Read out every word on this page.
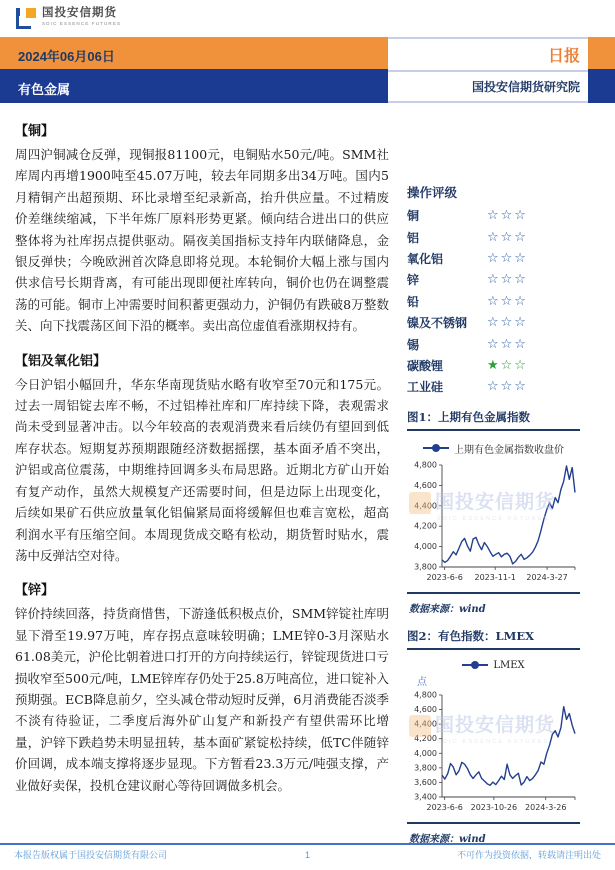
国投安信期货
SDIC ESSENCE FUTURES
2024年06月06日
有色金属
日报
国投安信期货研究院
【铜】

周四沪铜减仓反弹，现铜报81100元，电铜贴水50元/吨。SMM社库周内再增1900吨至45.07万吨，较去年同期多出34万吨。国内5月精铜产出超预期、环比录增至纪录新高，抬升供应量。不过精废价差继续缩减，下半年炼厂原料形势更紧。倾向结合进出口的供应整体将为社库拐点提供驱动。隔夜美国指标支持年内联储降息，金银反弹快；今晚欧洲首次降息即将兑现。本轮铜价大幅上涨与国内供求信号长期背离，有可能出现即便社库转向，铜价也仍在调整震荡的可能。铜市上冲需要时间积蓄更强动力，沪铜仍有跌破8万整数关、向下找震荡区间下沿的概率。卖出高位虚值看涨期权持有。

【铝及氧化铝】

今日沪铝小幅回升，华东华南现货贴水略有收窄至70元和175元。过去一周铝锭去库不畅，不过铝棒社库和厂库持续下降，表观需求尚未受到显著冲击。以今年较高的表观消费来看后续仍有望回到低库存状态。短期复苏预期跟随经济数据摇摆，基本面矛盾不突出，沪铝或高位震荡，中期维持回调多头布局思路。近期北方矿山开始有复产动作，虽然大规模复产还需要时间，但是边际上出现变化，后续如果矿石供应放量氧化铝偏紧局面将缓解但也难言宽松，超高利润水平有压缩空间。本周现货成交略有松动，期货暂时贴水，震荡中反弹沽空对待。

【锌】

锌价持续回落，持货商惜售，下游逢低积极点价，SMM锌锭社库明显下滑至19.97万吨，库存拐点意味较明确；LME锌0-3月深贴水61.08美元，沪伦比朝着进口打开的方向持续运行，锌锭现货进口亏损收窄至500元/吨，LME锌库存仍处于25.8万吨高位，进口锭补入预期强。ECB降息前夕，空头减仓带动短时反弹，6月消费能否淡季不淡有待验证，二季度后海外矿山复产和新投产有望供需环比增量，沪锌下跌趋势未明显扭转，基本面矿紧锭松持续，低TC伴随锌价回调，成本端支撑将逐步显现。下方暂看23.3万元/吨强支撑，产业做好卖保，投机仓建议耐心等待回调做多机会。

操作评级
铜	☆☆☆
铝	☆☆☆
氧化铝	☆☆☆
锌	☆☆☆
铅	☆☆☆
镍及不锈钢	☆☆☆
锡	☆☆☆
碳酸锂	★☆☆
工业硅	☆☆☆
图1：上期有色金属指数
上期有色金属指数收盘价
国投安信期货
SDIC ESSENCE FUTURES
3,800
4,000
4,200
4,400
4,600
4,800
2023-6-6 2023-11-1 2024-3-27
数据来源：wind
图2：有色指数：LMEX
LMEX
点
国投安信期货
SDIC ESSENCE FUTURES
3,400
3,600
3,800
4,000
4,200
4,400
4,600
4,800
2023-6-6 2023-10-26 2024-3-26
数据来源：wind
本报告版权属于国投安信期货有限公司	1	不可作为投资依据，转载请注明出处
